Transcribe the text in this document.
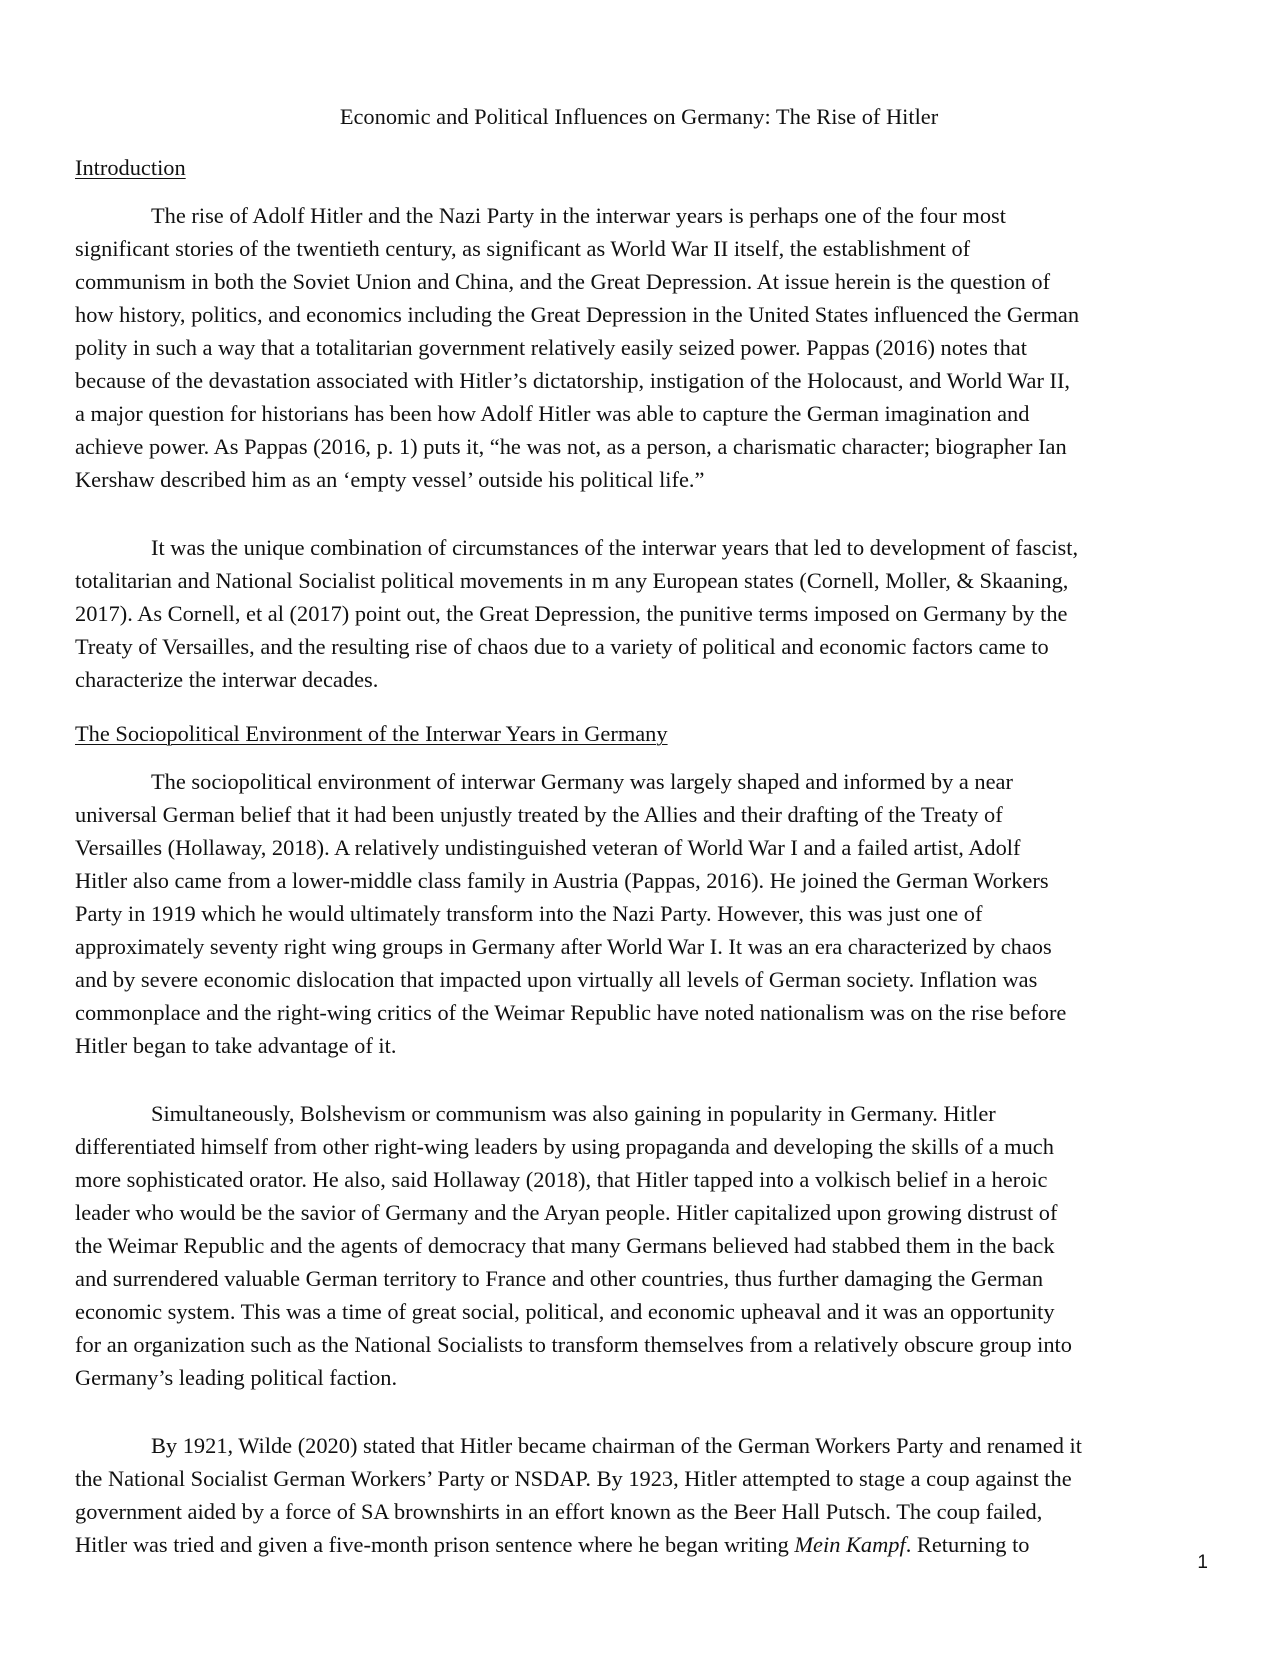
Economic and Political Influences on Germany: The Rise of Hitler
Introduction
The rise of Adolf Hitler and the Nazi Party in the interwar years is perhaps one of the four most
significant stories of the twentieth century, as significant as World War II itself, the establishment of
communism in both the Soviet Union and China, and the Great Depression. At issue herein is the question of
how history, politics, and economics including the Great Depression in the United States influenced the German
polity in such a way that a totalitarian government relatively easily seized power. Pappas (2016) notes that
because of the devastation associated with Hitler’s dictatorship, instigation of the Holocaust, and World War II,
a major question for historians has been how Adolf Hitler was able to capture the German imagination and
achieve power. As Pappas (2016, p. 1) puts it, “he was not, as a person, a charismatic character; biographer Ian
Kershaw described him as an ‘empty vessel’ outside his political life.”
It was the unique combination of circumstances of the interwar years that led to development of fascist,
totalitarian and National Socialist political movements in m any European states (Cornell, Moller, & Skaaning,
2017). As Cornell, et al (2017) point out, the Great Depression, the punitive terms imposed on Germany by the
Treaty of Versailles, and the resulting rise of chaos due to a variety of political and economic factors came to
characterize the interwar decades.
The Sociopolitical Environment of the Interwar Years in Germany
The sociopolitical environment of interwar Germany was largely shaped and informed by a near
universal German belief that it had been unjustly treated by the Allies and their drafting of the Treaty of
Versailles (Hollaway, 2018). A relatively undistinguished veteran of World War I and a failed artist, Adolf
Hitler also came from a lower-middle class family in Austria (Pappas, 2016). He joined the German Workers
Party in 1919 which he would ultimately transform into the Nazi Party. However, this was just one of
approximately seventy right wing groups in Germany after World War I. It was an era characterized by chaos
and by severe economic dislocation that impacted upon virtually all levels of German society. Inflation was
commonplace and the right-wing critics of the Weimar Republic have noted nationalism was on the rise before
Hitler began to take advantage of it.
Simultaneously, Bolshevism or communism was also gaining in popularity in Germany. Hitler
differentiated himself from other right-wing leaders by using propaganda and developing the skills of a much
more sophisticated orator. He also, said Hollaway (2018), that Hitler tapped into a volkisch belief in a heroic
leader who would be the savior of Germany and the Aryan people. Hitler capitalized upon growing distrust of
the Weimar Republic and the agents of democracy that many Germans believed had stabbed them in the back
and surrendered valuable German territory to France and other countries, thus further damaging the German
economic system. This was a time of great social, political, and economic upheaval and it was an opportunity
for an organization such as the National Socialists to transform themselves from a relatively obscure group into
Germany’s leading political faction.
By 1921, Wilde (2020) stated that Hitler became chairman of the German Workers Party and renamed it
the National Socialist German Workers’ Party or NSDAP. By 1923, Hitler attempted to stage a coup against the
government aided by a force of SA brownshirts in an effort known as the Beer Hall Putsch. The coup failed,
Hitler was tried and given a five-month prison sentence where he began writing Mein Kampf. Returning to
1
